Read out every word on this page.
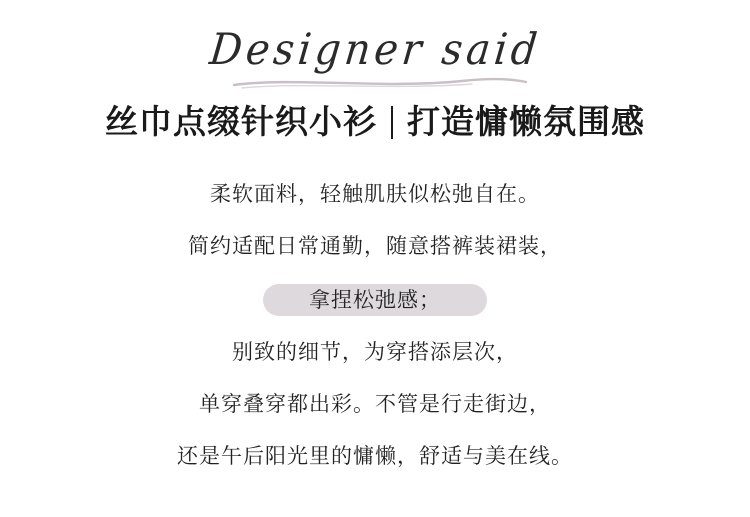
Designer said
丝巾点缀针织小衫 打造慵懒氛围感
柔软面料，轻触肌肤似松弛自在。
简约适配日常通勤，随意搭裤装裙装，
拿捏松弛感；
别致的细节，为穿搭添层次，
单穿叠穿都出彩。不管是行走街边，
还是午后阳光里的慵懒，舒适与美在线。
